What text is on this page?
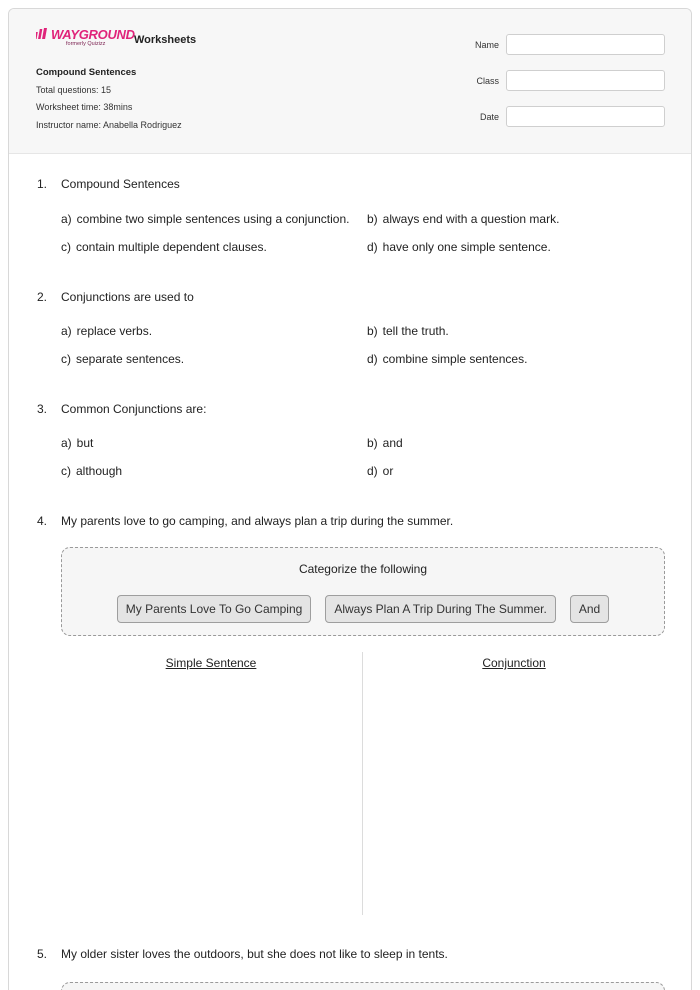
WAYGROUND
formerly Quizizz	Worksheets
Compound Sentences
Total questions: 15
Worksheet time: 38mins
Instructor name: Anabella Rodriguez
Name
Class
Date
1. Compound Sentences
a) combine two simple sentences using a conjunction. b) always end with a question mark.
c) contain multiple dependent clauses.	d) have only one simple sentence.
2. Conjunctions are used to
a) replace verbs.	b) tell the truth.
c) separate sentences.	d) combine simple sentences.
3. Common Conjunctions are:
a) but	b) and
c) although	d) or
4. My parents love to go camping, and always plan a trip during the summer.
Categorize the following
My Parents Love To Go Camping	Always Plan A Trip During The Summer.	And
Simple Sentence	Conjunction
5. My older sister loves the outdoors, but she does not like to sleep in tents.
